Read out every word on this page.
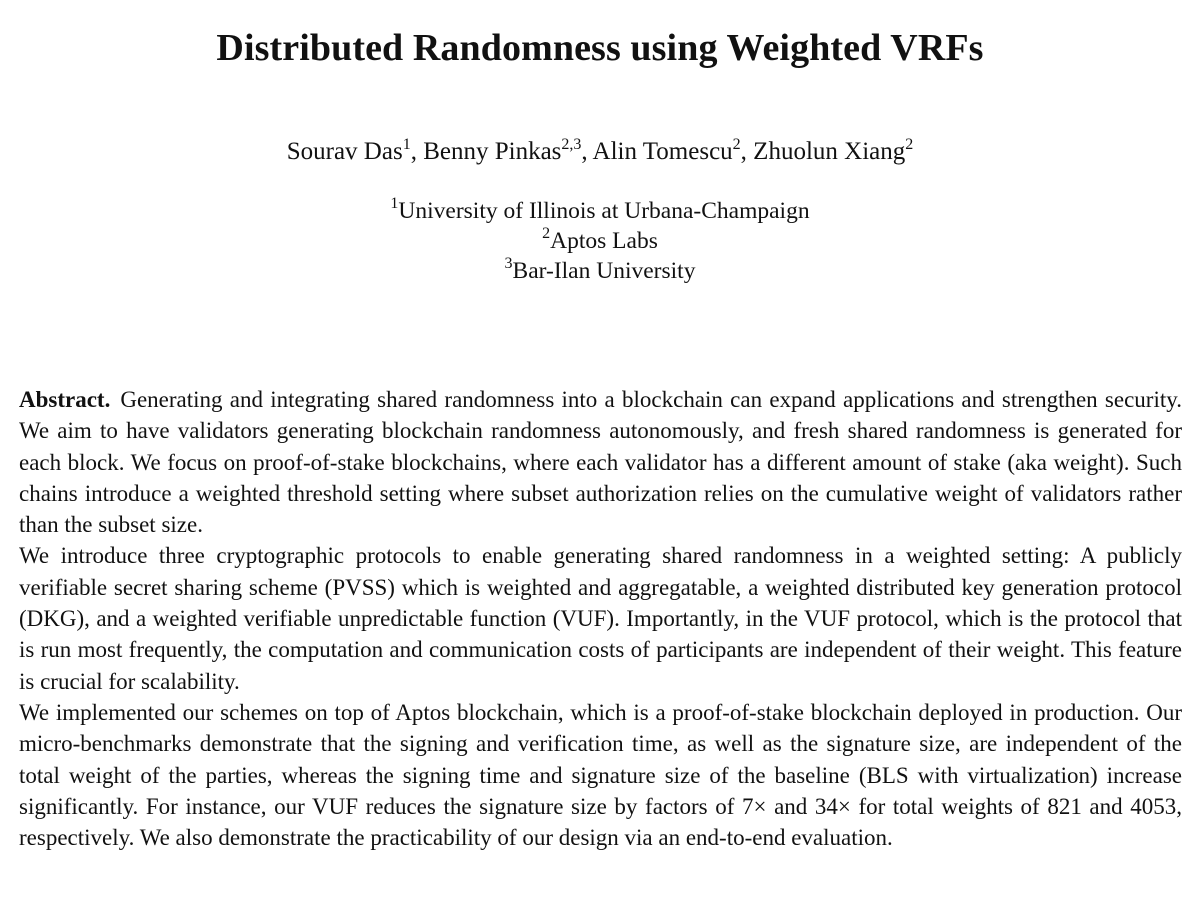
Distributed Randomness using Weighted VRFs
Sourav Das$^1$, Benny Pinkas$^{2,3}$, Alin Tomescu$^2$, Zhuolun Xiang$^2$
$^1$University of Illinois at Urbana-Champaign
$^2$Aptos Labs
$^3$Bar-Ilan University

Abstract. Generating and integrating shared randomness into a blockchain can expand applications and strengthen security. We aim to have validators generating blockchain randomness autonomously, and fresh shared randomness is generated for each block. We focus on proof-of-stake blockchains, where each validator has a different amount of stake (aka weight). Such chains introduce a weighted threshold setting where subset authorization relies on the cumulative weight of validators rather than the subset size.

We introduce three cryptographic protocols to enable generating shared randomness in a weighted setting: A publicly verifiable secret sharing scheme (PVSS) which is weighted and aggregatable, a weighted distributed key generation protocol (DKG), and a weighted verifiable unpredictable function (VUF). Importantly, in the VUF protocol, which is the protocol that is run most frequently, the computation and communication costs of participants are independent of their weight. This feature is crucial for scalability.

We implemented our schemes on top of Aptos blockchain, which is a proof-of-stake blockchain deployed in production. Our micro-benchmarks demonstrate that the signing and verification time, as well as the signature size, are independent of the total weight of the parties, whereas the signing time and signature size of the baseline (BLS with virtualization) increase significantly. For instance, our VUF reduces the signature size by factors of 7× and 34× for total weights of 821 and 4053, respectively. We also demonstrate the practicability of our design via an end-to-end evaluation.
